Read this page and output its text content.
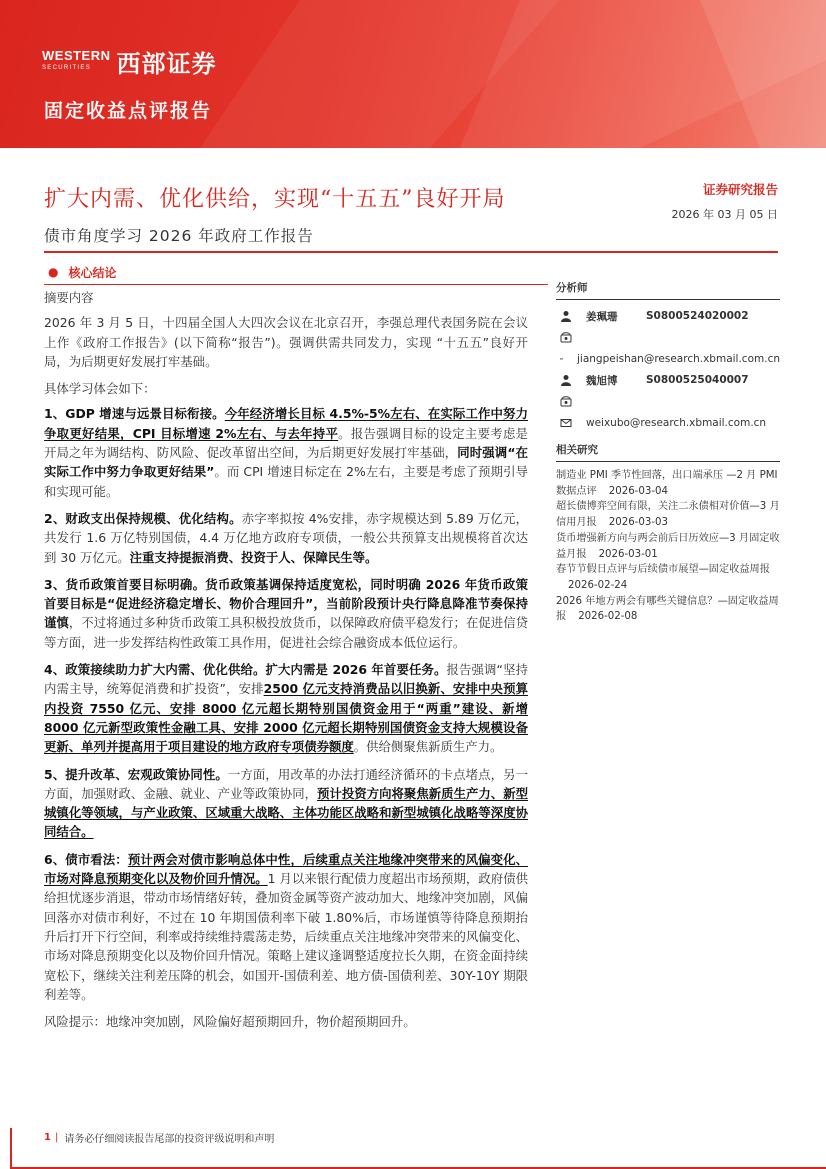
WESTERN
SECURITIES	西部证券
固定收益点评报告
扩大内需、优化供给，实现“十五五”良好开局
债市角度学习 2026 年政府工作报告
证券研究报告
2026 年 03 月 05 日
● 核心结论

摘要内容

2026 年 3 月 5 日，十四届全国人大四次会议在北京召开，李强总理代表国务院在会议上作《政府工作报告》(以下简称“报告”)。强调供需共同发力，实现 “十五五”良好开局，为后期更好发展打牢基础。

具体学习体会如下：

1、GDP 增速与远景目标衔接。今年经济增长目标 4.5%-5%左右、在实际工作中努力争取更好结果，CPI 目标增速 2%左右、与去年持平。报告强调目标的设定主要考虑是开局之年为调结构、防风险、促改革留出空间，为后期更好发展打牢基础，同时强调“在实际工作中努力争取更好结果”。而 CPI 增速目标定在 2%左右，主要是考虑了预期引导和实现可能。

2、财政支出保持规模、优化结构。赤字率拟按 4%安排，赤字规模达到 5.89 万亿元，共发行 1.6 万亿特别国债，4.4 万亿地方政府专项债，一般公共预算支出规模将首次达到 30 万亿元。注重支持提振消费、投资于人、保障民生等。

3、货币政策首要目标明确。货币政策基调保持适度宽松，同时明确 2026 年货币政策首要目标是“促进经济稳定增长、物价合理回升”，当前阶段预计央行降息降准节奏保持谨慎，不过将通过多种货币政策工具积极投放货币，以保障政府债平稳发行；在促进信贷等方面，进一步发挥结构性政策工具作用，促进社会综合融资成本低位运行。

4、政策接续助力扩大内需、优化供给。扩大内需是 2026 年首要任务。报告强调“坚持内需主导，统筹促消费和扩投资”，安排2500 亿元支持消费品以旧换新、安排中央预算内投资 7550 亿元、安排 8000 亿元超长期特别国债资金用于“两重”建设、新增 8000 亿元新型政策性金融工具、安排 2000 亿元超长期特别国债资金支持大规模设备更新、单列并提高用于项目建设的地方政府专项债券额度。供给侧聚焦新质生产力。

5、提升改革、宏观政策协同性。一方面，用改革的办法打通经济循环的卡点堵点，另一方面，加强财政、金融、就业、产业等政策协同，预计投资方向将聚焦新质生产力、新型城镇化等领域，与产业政策、区域重大战略、主体功能区战略和新型城镇化战略等深度协同结合。

6、债市看法：预计两会对债市影响总体中性，后续重点关注地缘冲突带来的风偏变化、市场对降息预期变化以及物价回升情况。1 月以来银行配债力度超出市场预期，政府债供给担忧逐步消退，带动市场情绪好转，叠加资金属等资产波动加大、地缘冲突加剧，风偏回落亦对债市利好，不过在 10 年期国债利率下破 1.80%后，市场谨慎等待降息预期抬升后打开下行空间，利率或持续维持震荡走势，后续重点关注地缘冲突带来的风偏变化、市场对降息预期变化以及物价回升情况。策略上建议逢调整适度拉长久期，在资金面持续宽松下，继续关注利差压降的机会，如国开-国债利差、地方债-国债利差、30Y-10Y 期限利差等。

风险提示：地缘冲突加剧，风险偏好超预期回升，物价超预期回升。

分析师
姜珮珊	S0800524020002
jiangpeishan@research.xbmail.com.cn
魏旭博	S0800525040007
weixubo@research.xbmail.com.cn
相关研究
制造业 PMI 季节性回落，出口端承压 —2 月 PMI 数据点评 2026-03-04
超长债博弈空间有限，关注二永债相对价值—3 月信用月报 2026-03-03
货币增强新方向与两会前后日历效应—3 月固定收益月报 2026-03-01
春节节假日点评与后续债市展望—固定收益周报2026-02-24
2026 年地方两会有哪些关键信息？—固定收益周报 2026-02-08
1 | 请务必仔细阅读报告尾部的投资评级说明和声明
